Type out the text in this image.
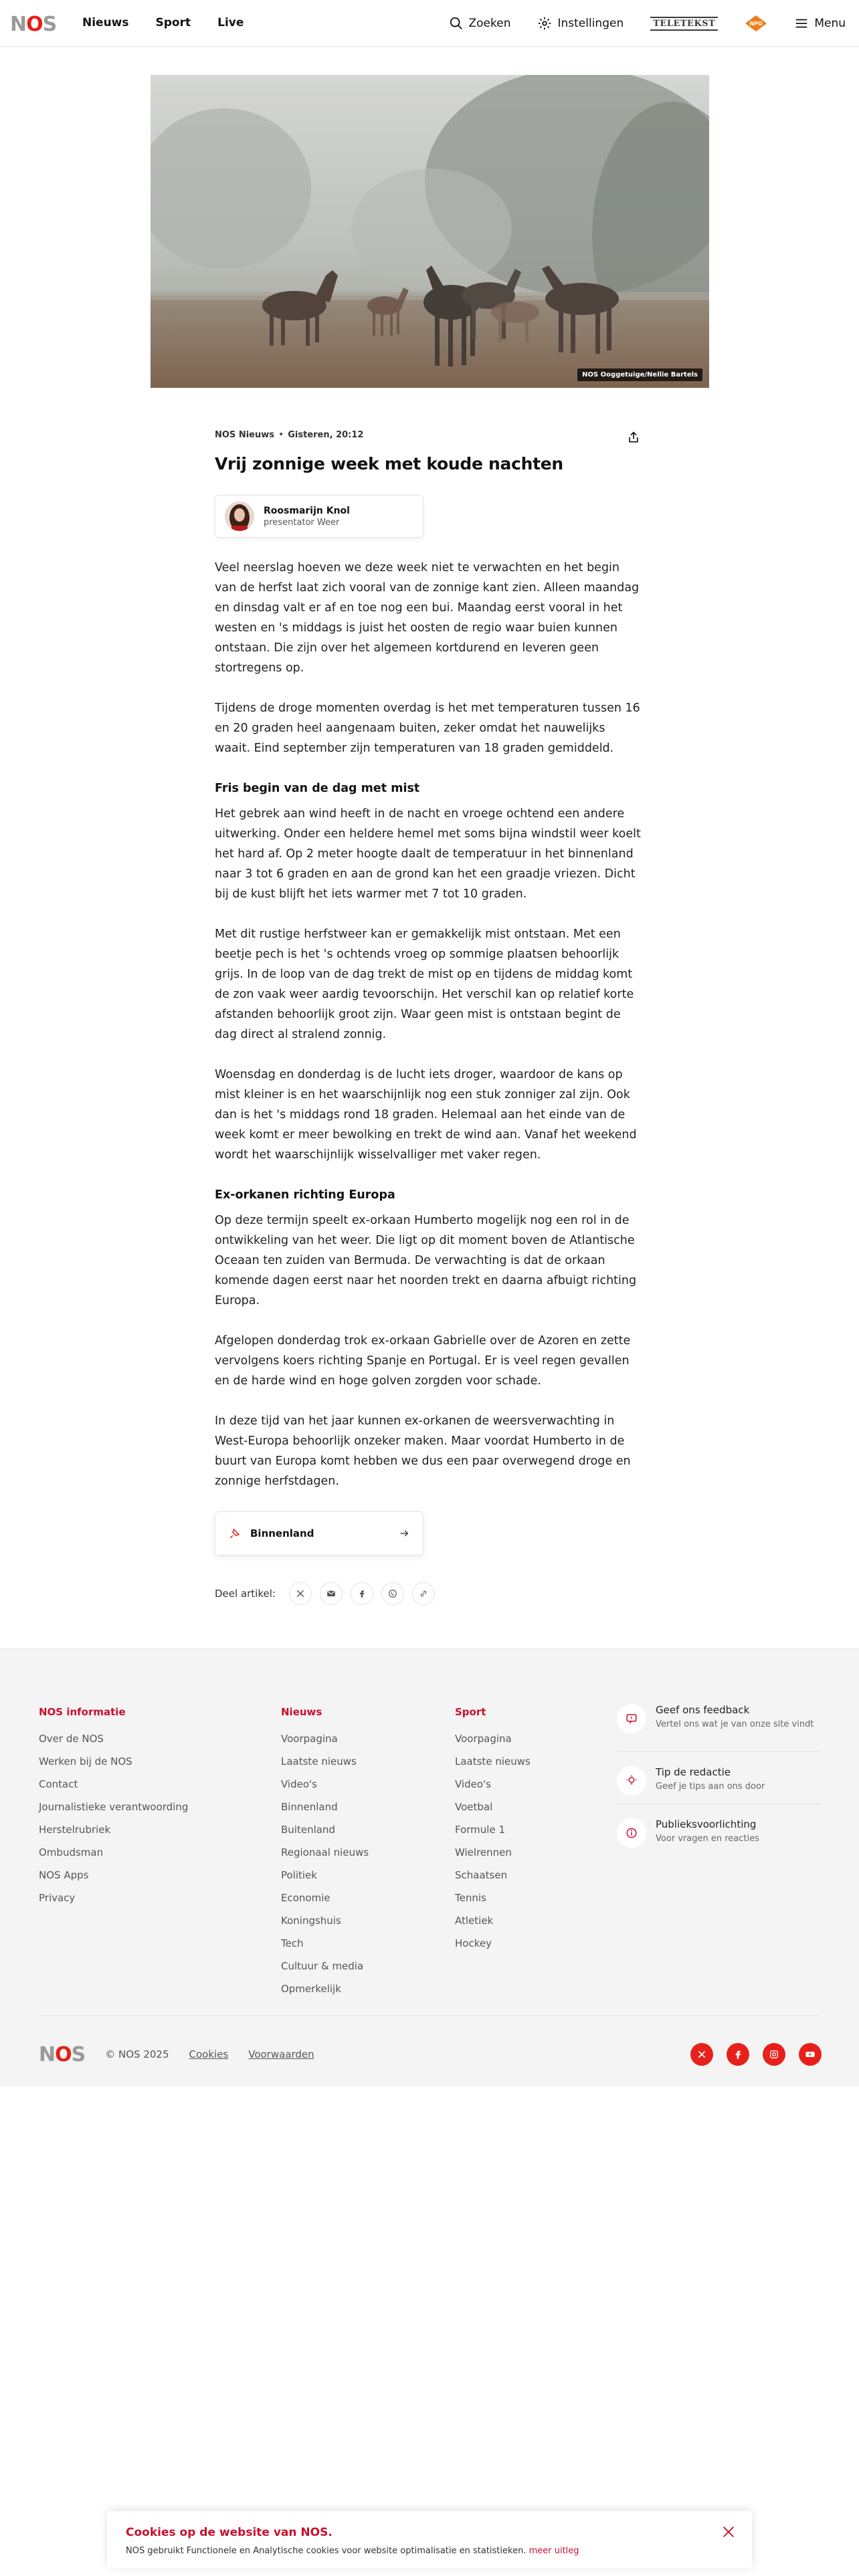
NOS Nieuws Sport Live	Zoeken	Instellingen	TELETEKST	NPO	Menu
NOS Ooggetuige/Nellie Bartels
NOS Nieuws • Gisteren, 20:12
Vrij zonnige week met koude nachten
Roosmarijn Knol
presentator Weer

Veel neerslag hoeven we deze week niet te verwachten en het begin van de herfst laat zich vooral van de zonnige kant zien. Alleen maandag en dinsdag valt er af en toe nog een bui. Maandag eerst vooral in het westen en 's middags is juist het oosten de regio waar buien kunnen ontstaan. Die zijn over het algemeen kortdurend en leveren geen stortregens op.

Tijdens de droge momenten overdag is het met temperaturen tussen 16 en 20 graden heel aangenaam buiten, zeker omdat het nauwelijks waait. Eind september zijn temperaturen van 18 graden gemiddeld.

Fris begin van de dag met mist

Het gebrek aan wind heeft in de nacht en vroege ochtend een andere uitwerking. Onder een heldere hemel met soms bijna windstil weer koelt het hard af. Op 2 meter hoogte daalt de temperatuur in het binnenland naar 3 tot 6 graden en aan de grond kan het een graadje vriezen. Dicht bij de kust blijft het iets warmer met 7 tot 10 graden.

Met dit rustige herfstweer kan er gemakkelijk mist ontstaan. Met een beetje pech is het 's ochtends vroeg op sommige plaatsen behoorlijk grijs. In de loop van de dag trekt de mist op en tijdens de middag komt de zon vaak weer aardig tevoorschijn. Het verschil kan op relatief korte afstanden behoorlijk groot zijn. Waar geen mist is ontstaan begint de dag direct al stralend zonnig.

Woensdag en donderdag is de lucht iets droger, waardoor de kans op mist kleiner is en het waarschijnlijk nog een stuk zonniger zal zijn. Ook dan is het 's middags rond 18 graden. Helemaal aan het einde van de week komt er meer bewolking en trekt de wind aan. Vanaf het weekend wordt het waarschijnlijk wisselvalliger met vaker regen.

Ex-orkanen richting Europa

Op deze termijn speelt ex-orkaan Humberto mogelijk nog een rol in de ontwikkeling van het weer. Die ligt op dit moment boven de Atlantische Oceaan ten zuiden van Bermuda. De verwachting is dat de orkaan komende dagen eerst naar het noorden trekt en daarna afbuigt richting Europa.

Afgelopen donderdag trok ex-orkaan Gabrielle over de Azoren en zette vervolgens koers richting Spanje en Portugal. Er is veel regen gevallen en de harde wind en hoge golven zorgden voor schade.

In deze tijd van het jaar kunnen ex-orkanen de weersverwachting in West-Europa behoorlijk onzeker maken. Maar voordat Humberto in de buurt van Europa komt hebben we dus een paar overwegend droge en zonnige herfstdagen.

Binnenland
Deel artikel:
NOS informatie
Over de NOS
Werken bij de NOS
Contact
Journalistieke verantwoording
Herstelrubriek
Ombudsman
NOS Apps
Privacy
Nieuws
Voorpagina
Laatste nieuws
Video's
Binnenland
Buitenland
Regionaal nieuws
Politiek
Economie
Koningshuis
Tech
Cultuur & media
Opmerkelijk
Sport
Voorpagina
Laatste nieuws
Video's
Voetbal
Formule 1
Wielrennen
Schaatsen
Tennis
Atletiek
Hockey
Geef ons feedback
Vertel ons wat je van onze site vindt
Tip de redactie
Geef je tips aan ons door
Publieksvoorlichting
Voor vragen en reacties
NOS © NOS 2025 Cookies Voorwaarden
Cookies op de website van NOS.

NOS gebruikt Functionele en Analytische cookies voor website optimalisatie en statistieken. meer uitleg
